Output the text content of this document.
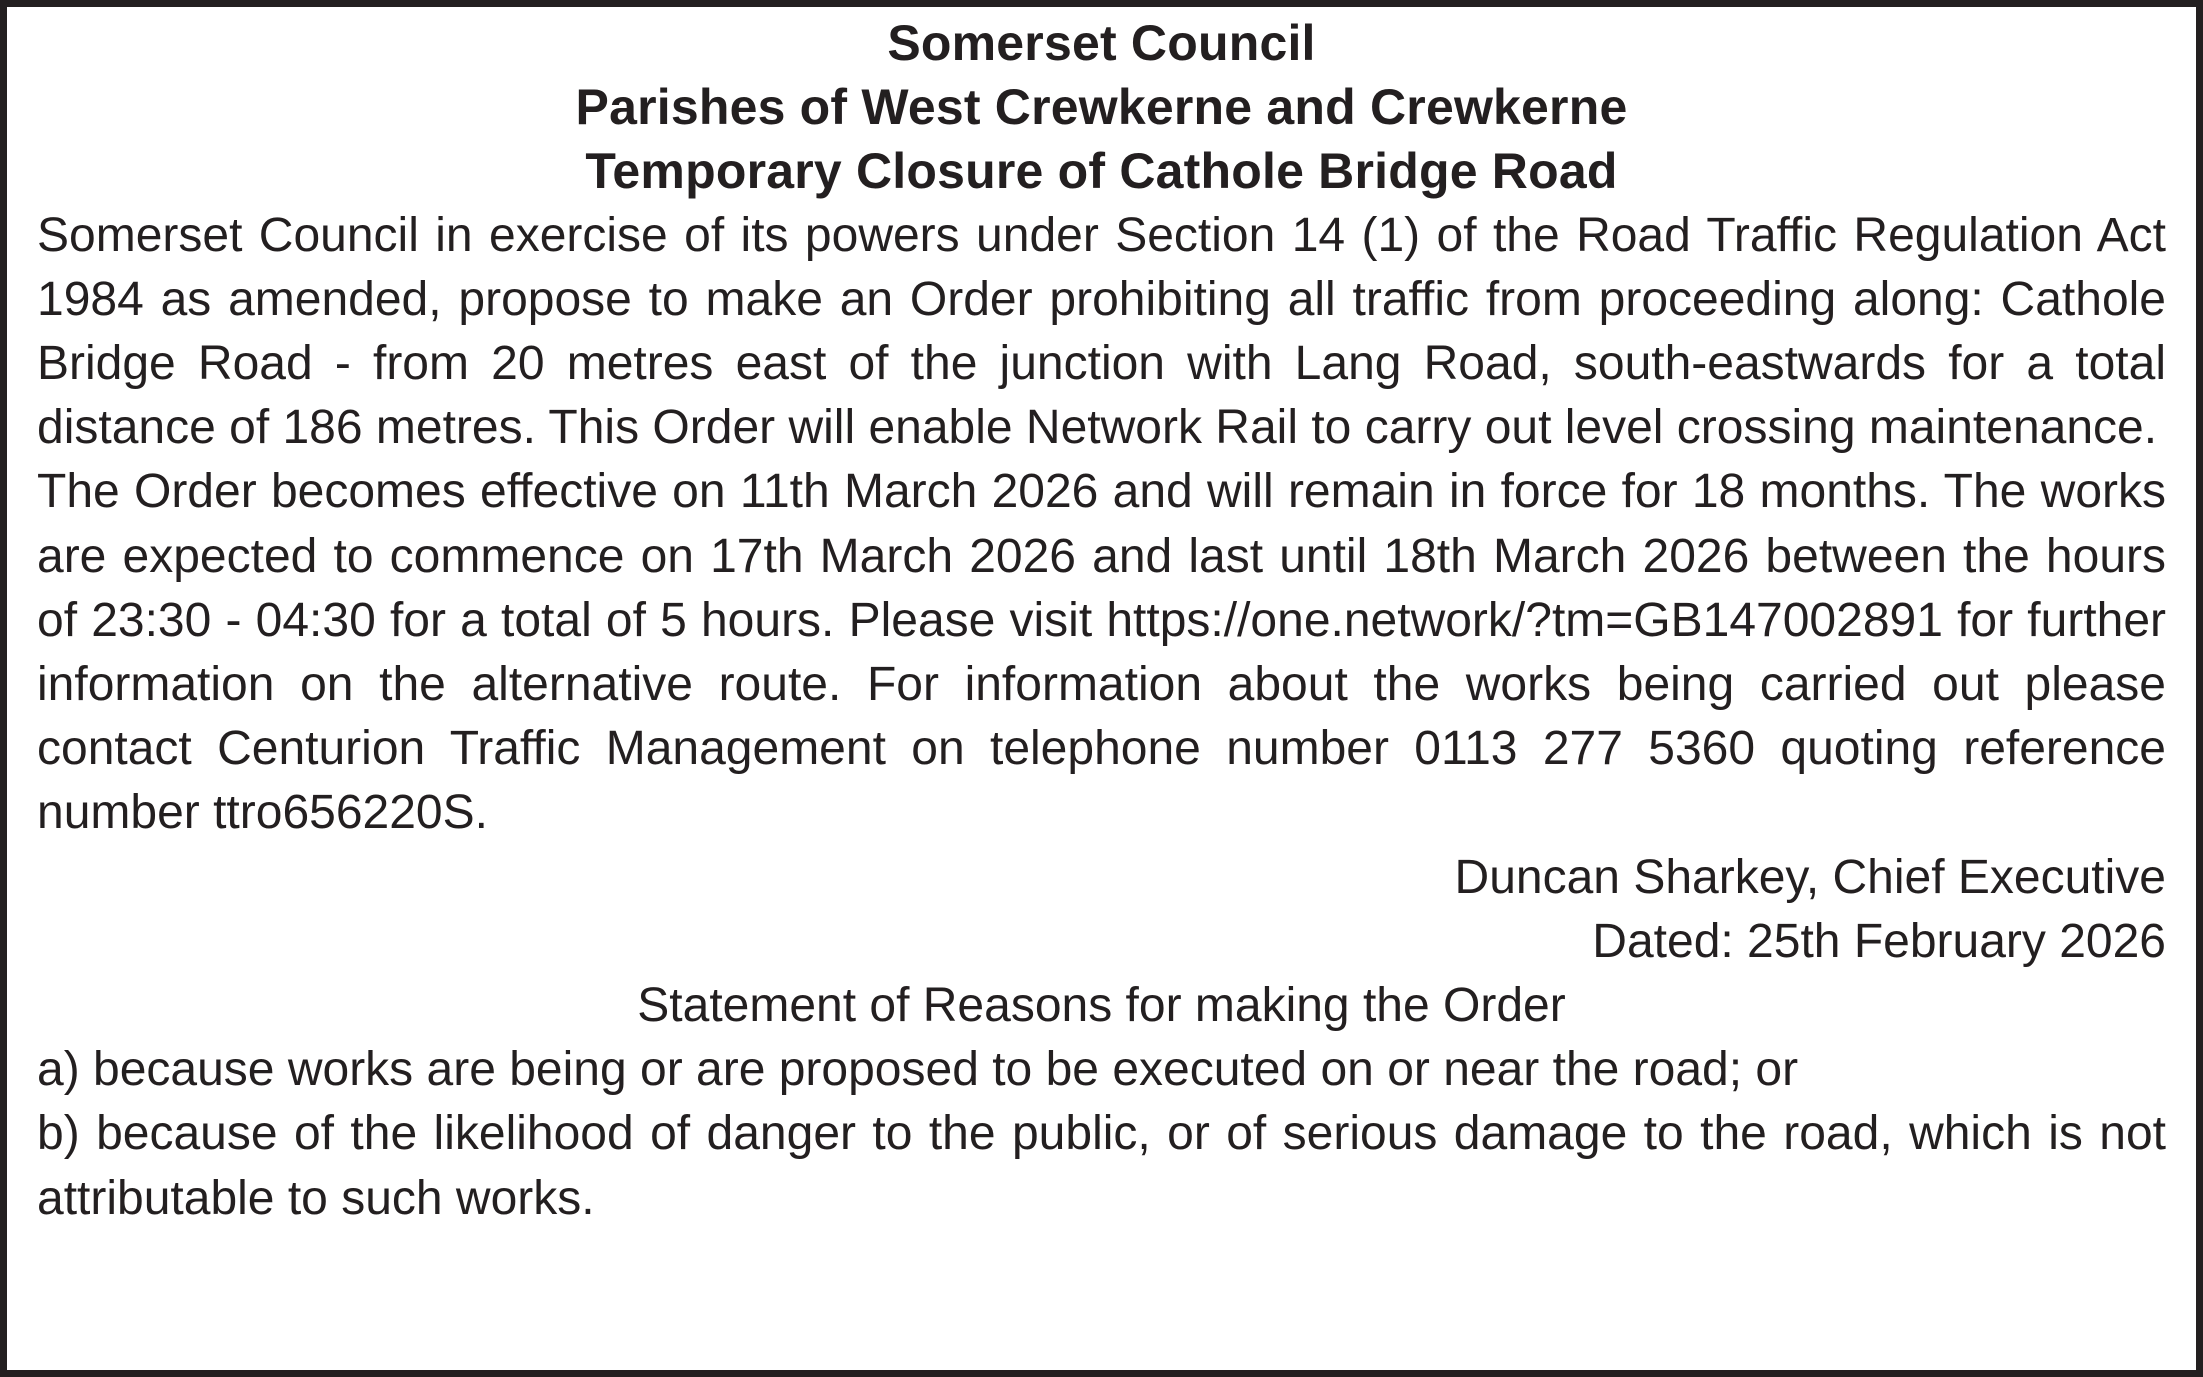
Somerset Council
Parishes of West Crewkerne and Crewkerne
Temporary Closure of Cathole Bridge Road

Somerset Council in exercise of its powers under Section 14 (1) of the Road Traffic Regulation Act 1984 as amended, propose to make an Order prohibiting all traffic from proceeding along: Cathole Bridge Road - from 20 metres east of the junction with Lang Road, south-eastwards for a total distance of 186 metres. This Order will enable Network Rail to carry out level crossing maintenance.

The Order becomes effective on 11th March 2026 and will remain in force for 18 months. The works are expected to commence on 17th March 2026 and last until 18th March 2026 between the hours of 23:30 - 04:30 for a total of 5 hours. Please visit https://one.network/?tm=GB147002891 for further information on the alternative route. For information about the works being carried out please contact Centurion Traffic Management on telephone number 0113 277 5360 quoting reference number ttro656220S.

Duncan Sharkey, Chief Executive
Dated: 25th February 2026
Statement of Reasons for making the Order
a) because works are being or are proposed to be executed on or near the road; or
b) because of the likelihood of danger to the public, or of serious damage to the road, which is not attributable to such works.
